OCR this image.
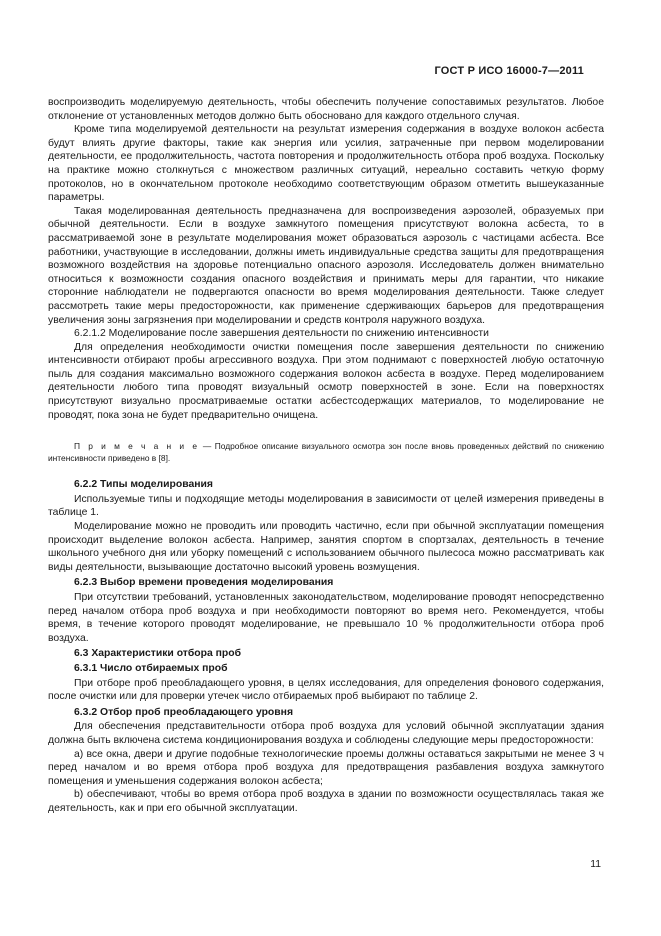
ГОСТ Р ИСО 16000-7—2011

воспроизводить моделируемую деятельность, чтобы обеспечить получение сопоставимых результатов. Любое отклонение от установленных методов должно быть обосновано для каждого отдельного случая.

Кроме типа моделируемой деятельности на результат измерения содержания в воздухе волокон асбеста будут влиять другие факторы, такие как энергия или усилия, затраченные при первом моделировании деятельности, ее продолжительность, частота повторения и продолжительность отбора проб воздуха. Поскольку на практике можно столкнуться с множеством различных ситуаций, нереально составить четкую форму протоколов, но в окончательном протоколе необходимо соответствующим образом отметить вышеуказанные параметры.

Такая моделированная деятельность предназначена для воспроизведения аэрозолей, образуемых при обычной деятельности. Если в воздухе замкнутого помещения присутствуют волокна асбеста, то в рассматриваемой зоне в результате моделирования может образоваться аэрозоль с частицами асбеста. Все работники, участвующие в исследовании, должны иметь индивидуальные средства защиты для предотвращения возможного воздействия на здоровье потенциально опасного аэрозоля. Исследователь должен внимательно относиться к возможности создания опасного воздействия и принимать меры для гарантии, что никакие сторонние наблюдатели не подвергаются опасности во время моделирования деятельности. Также следует рассмотреть такие меры предосторожности, как применение сдерживающих барьеров для предотвращения увеличения зоны загрязнения при моделировании и средств контроля наружного воздуха.

6.2.1.2 Моделирование после завершения деятельности по снижению интенсивности

Для определения необходимости очистки помещения после завершения деятельности по снижению интенсивности отбирают пробы агрессивного воздуха. При этом поднимают с поверхностей любую остаточную пыль для создания максимально возможного содержания волокон асбеста в воздухе. Перед моделированием деятельности любого типа проводят визуальный осмотр поверхностей в зоне. Если на поверхностях присутствуют визуально просматриваемые остатки асбестсодержащих материалов, то моделирование не проводят, пока зона не будет предварительно очищена.

П р и м е ч а н и е — Подробное описание визуального осмотра зон после вновь проведенных действий по снижению интенсивности приведено в [8].

6.2.2 Типы моделирования

Используемые типы и подходящие методы моделирования в зависимости от целей измерения приведены в таблице 1.

Моделирование можно не проводить или проводить частично, если при обычной эксплуатации помещения происходит выделение волокон асбеста. Например, занятия спортом в спортзалах, деятельность в течение школьного учебного дня или уборку помещений с использованием обычного пылесоса можно рассматривать как виды деятельности, вызывающие достаточно высокий уровень возмущения.

6.2.3 Выбор времени проведения моделирования

При отсутствии требований, установленных законодательством, моделирование проводят непосредственно перед началом отбора проб воздуха и при необходимости повторяют во время него. Рекомендуется, чтобы время, в течение которого проводят моделирование, не превышало 10 % продолжительности отбора проб воздуха.

6.3 Характеристики отбора проб

6.3.1 Число отбираемых проб

При отборе проб преобладающего уровня, в целях исследования, для определения фонового содержания, после очистки или для проверки утечек число отбираемых проб выбирают по таблице 2.

6.3.2 Отбор проб преобладающего уровня

Для обеспечения представительности отбора проб воздуха для условий обычной эксплуатации здания должна быть включена система кондиционирования воздуха и соблюдены следующие меры предосторожности:

а) все окна, двери и другие подобные технологические проемы должны оставаться закрытыми не менее 3 ч перед началом и во время отбора проб воздуха для предотвращения разбавления воздуха замкнутого помещения и уменьшения содержания волокон асбеста;

b) обеспечивают, чтобы во время отбора проб воздуха в здании по возможности осуществлялась такая же деятельность, как и при его обычной эксплуатации.

11
